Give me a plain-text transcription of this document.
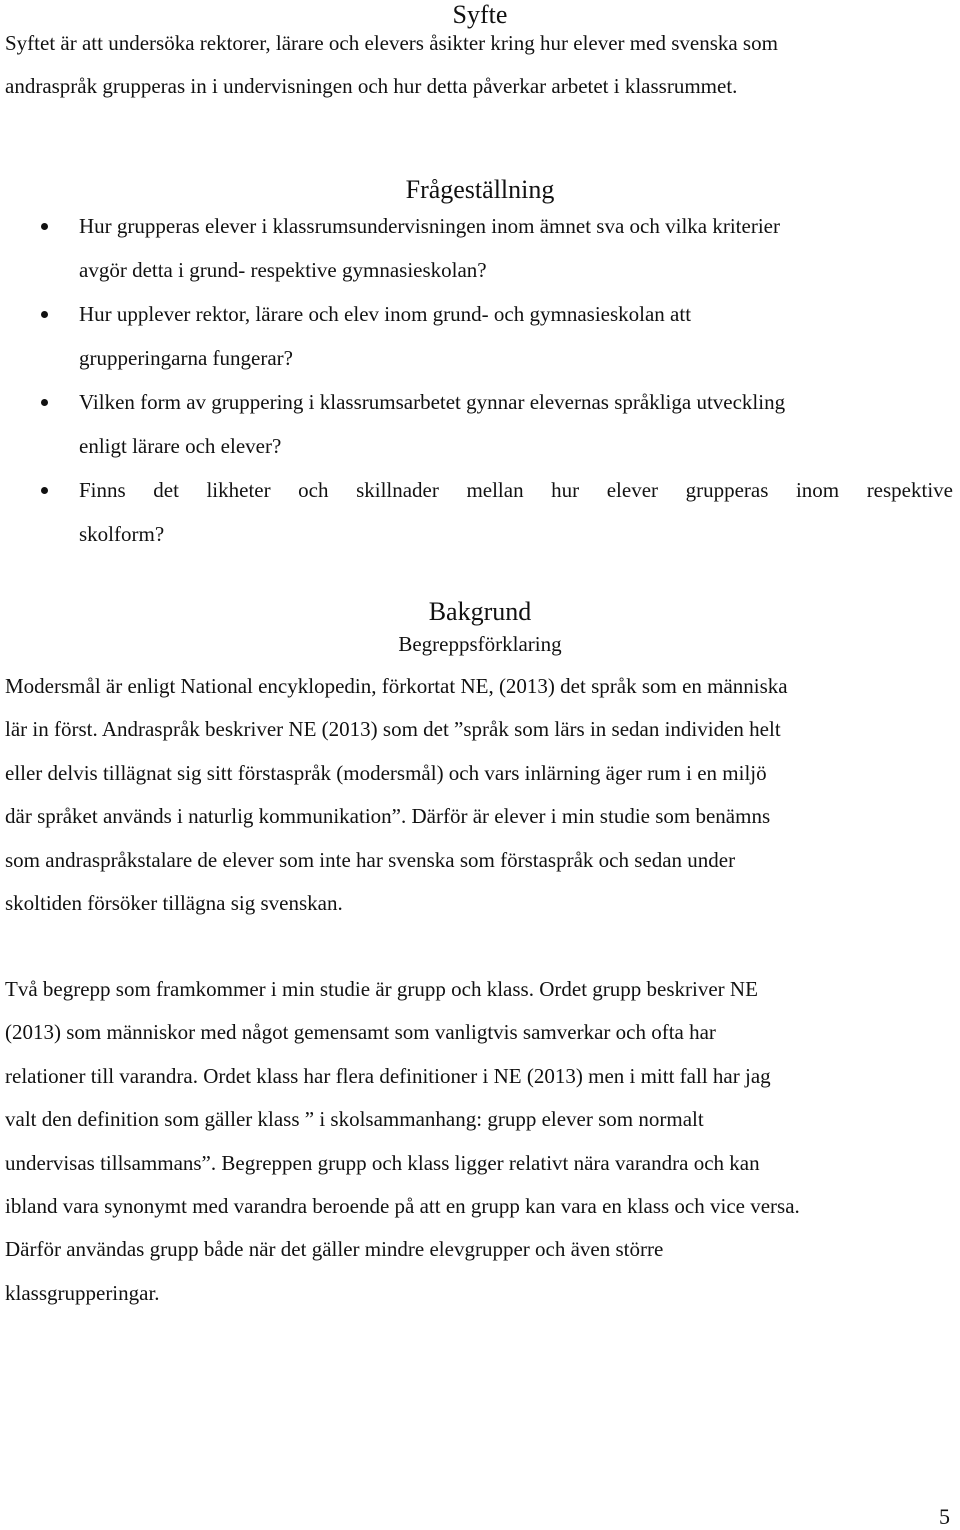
Syfte

Syftet är att undersöka rektorer, lärare och elevers åsikter kring hur elever med svenska som
andraspråk grupperas in i undervisningen och hur detta påverkar arbetet i klassrummet.

Frågeställning
Hur grupperas elever i klassrumsundervisningen inom ämnet sva och vilka kriterier
avgör detta i grund- respektive gymnasieskolan?
Hur upplever rektor, lärare och elev inom grund- och gymnasieskolan att
grupperingarna fungerar?
Vilken form av gruppering i klassrumsarbetet gynnar elevernas språkliga utveckling
enligt lärare och elever?
Finns det likheter och skillnader mellan hur elever grupperas inom respektive
skolform?
Bakgrund
Begreppsförklaring

Modersmål är enligt National encyklopedin, förkortat NE, (2013) det språk som en människa
lär in först. Andraspråk beskriver NE (2013) som det ”språk som lärs in sedan individen helt
eller delvis tillägnat sig sitt förstaspråk (modersmål) och vars inlärning äger rum i en miljö
där språket används i naturlig kommunikation”. Därför är elever i min studie som benämns
som andraspråkstalare de elever som inte har svenska som förstaspråk och sedan under
skoltiden försöker tillägna sig svenskan.

Två begrepp som framkommer i min studie är grupp och klass. Ordet grupp beskriver NE
(2013) som människor med något gemensamt som vanligtvis samverkar och ofta har
relationer till varandra. Ordet klass har flera definitioner i NE (2013) men i mitt fall har jag
valt den definition som gäller klass ” i skolsammanhang: grupp elever som normalt
undervisas tillsammans”. Begreppen grupp och klass ligger relativt nära varandra och kan
ibland vara synonymt med varandra beroende på att en grupp kan vara en klass och vice versa.
Därför användas grupp både när det gäller mindre elevgrupper och även större
klassgrupperingar.

5
